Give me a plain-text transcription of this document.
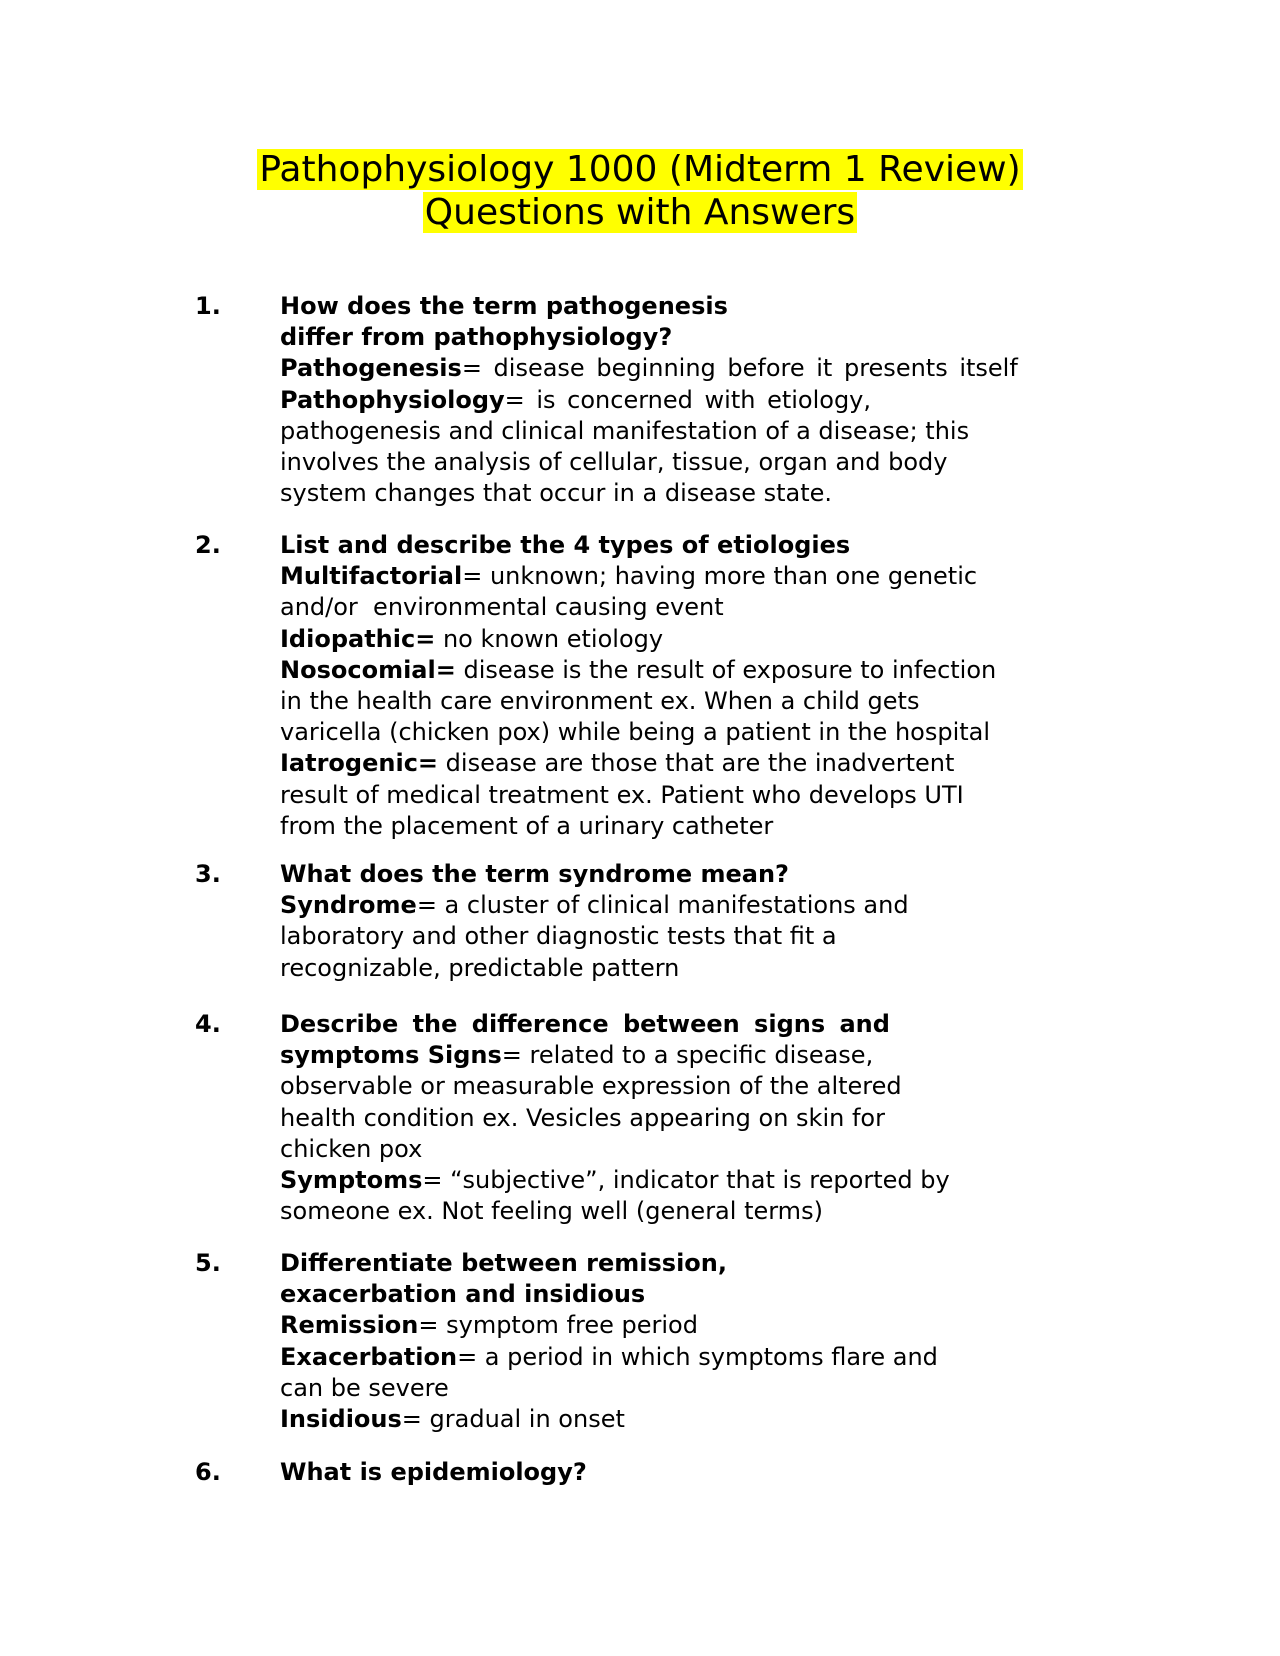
Pathophysiology 1000 (Midterm 1 Review)
Questions with Answers
1. How does the term pathogenesis
differ from pathophysiology?
Pathogenesis= disease beginning before it presents itself
Pathophysiology= is concerned with etiology,
pathogenesis and clinical manifestation of a disease; this
involves the analysis of cellular, tissue, organ and body
system changes that occur in a disease state.
2. List and describe the 4 types of etiologies
Multifactorial= unknown; having more than one genetic
and/or  environmental causing event
Idiopathic= no known etiology
Nosocomial= disease is the result of exposure to infection
in the health care environment ex. When a child gets
varicella (chicken pox) while being a patient in the hospital
Iatrogenic= disease are those that are the inadvertent
result of medical treatment ex. Patient who develops UTI
from the placement of a urinary catheter
3. What does the term syndrome mean?
Syndrome= a cluster of clinical manifestations and
laboratory and other diagnostic tests that fit a
recognizable, predictable pattern
4. Describe the difference between signs and
symptoms Signs= related to a specific disease,
observable or measurable expression of the altered
health condition ex. Vesicles appearing on skin for
chicken pox
Symptoms= “subjective”, indicator that is reported by
someone ex. Not feeling well (general terms)
5. Differentiate between remission,
exacerbation and insidious
Remission= symptom free period
Exacerbation= a period in which symptoms flare and
can be severe
Insidious= gradual in onset
6. What is epidemiology?
